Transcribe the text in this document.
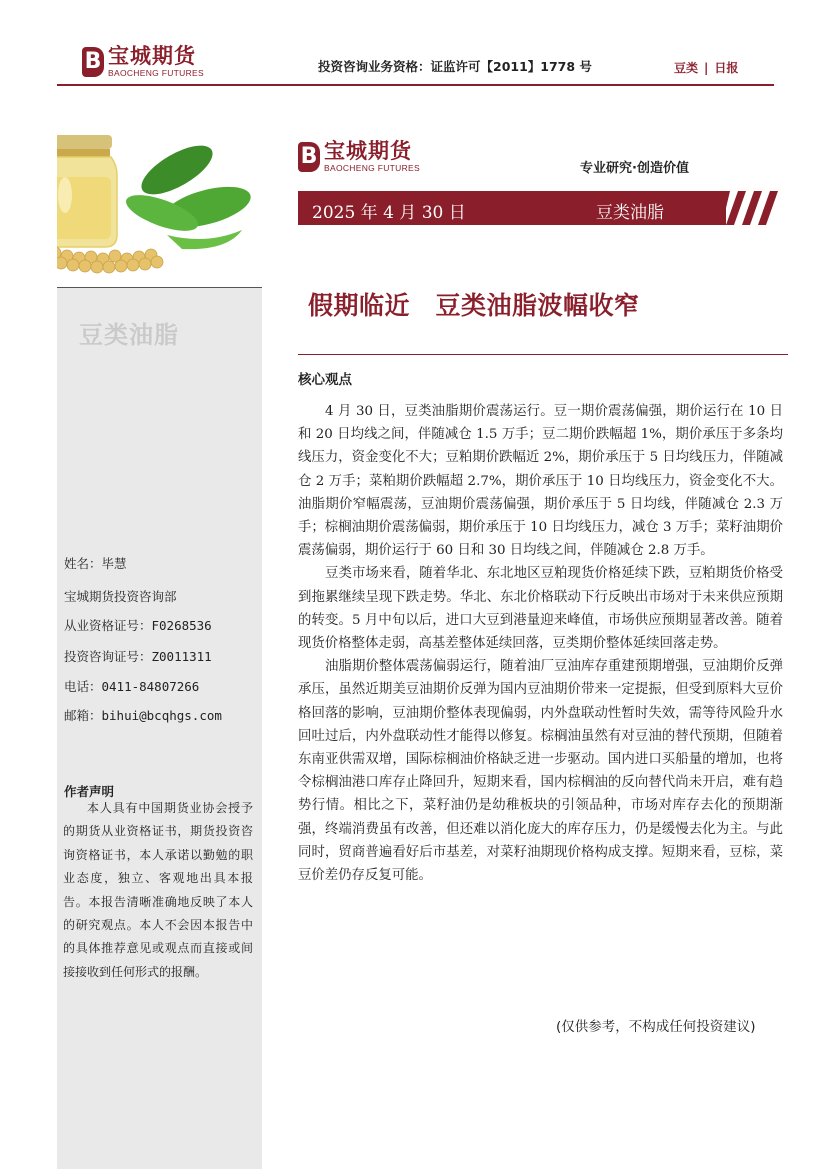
B 宝城期货
BAOCHENG FUTURES	投资咨询业务资格：证监许可【2011】1778 号	豆类 | 日报
豆类油脂
姓名：毕慧
宝城期货投资咨询部
从业资格证号：F0268536
投资咨询证号：Z0011311
电话：0411-84807266
邮箱：bihui@bcqhgs.com
作者声明

本人具有中国期货业协会授予的期货从业资格证书，期货投资咨询资格证书，本人承诺以勤勉的职业态度，独立、客观地出具本报告。本报告清晰准确地反映了本人的研究观点。本人不会因本报告中的具体推荐意见或观点而直接或间接接收到任何形式的报酬。

B 宝城期货
BAOCHENG FUTURES	专业研究·创造价值
2025 年 4 月 30 日	豆类油脂
假期临近　豆类油脂波幅收窄
核心观点

4 月 30 日，豆类油脂期价震荡运行。豆一期价震荡偏强，期价运行在 10 日和 20 日均线之间，伴随减仓 1.5 万手；豆二期价跌幅超 1%，期价承压于多条均线压力，资金变化不大；豆粕期价跌幅近 2%，期价承压于 5 日均线压力，伴随减仓 2 万手；菜粕期价跌幅超 2.7%，期价承压于 10 日均线压力，资金变化不大。油脂期价窄幅震荡，豆油期价震荡偏强，期价承压于 5 日均线，伴随减仓 2.3 万手；棕榈油期价震荡偏弱，期价承压于 10 日均线压力，减仓 3 万手；菜籽油期价震荡偏弱，期价运行于 60 日和 30 日均线之间，伴随减仓 2.8 万手。

豆类市场来看，随着华北、东北地区豆粕现货价格延续下跌，豆粕期货价格受到拖累继续呈现下跌走势。华北、东北价格联动下行反映出市场对于未来供应预期的转变。5 月中旬以后，进口大豆到港量迎来峰值，市场供应预期显著改善。随着现货价格整体走弱，高基差整体延续回落，豆类期价整体延续回落走势。

油脂期价整体震荡偏弱运行，随着油厂豆油库存重建预期增强，豆油期价反弹承压，虽然近期美豆油期价反弹为国内豆油期价带来一定提振，但受到原料大豆价格回落的影响，豆油期价整体表现偏弱，内外盘联动性暂时失效，需等待风险升水回吐过后，内外盘联动性才能得以修复。棕榈油虽然有对豆油的替代预期，但随着东南亚供需双增，国际棕榈油价格缺乏进一步驱动。国内进口买船量的增加，也将令棕榈油港口库存止降回升，短期来看，国内棕榈油的反向替代尚未开启，难有趋势行情。相比之下，菜籽油仍是幼稚板块的引领品种，市场对库存去化的预期渐强，终端消费虽有改善，但还难以消化庞大的库存压力，仍是缓慢去化为主。与此同时，贸商普遍看好后市基差，对菜籽油期现价格构成支撑。短期来看，豆棕，菜豆价差仍存反复可能。

(仅供参考，不构成任何投资建议)
